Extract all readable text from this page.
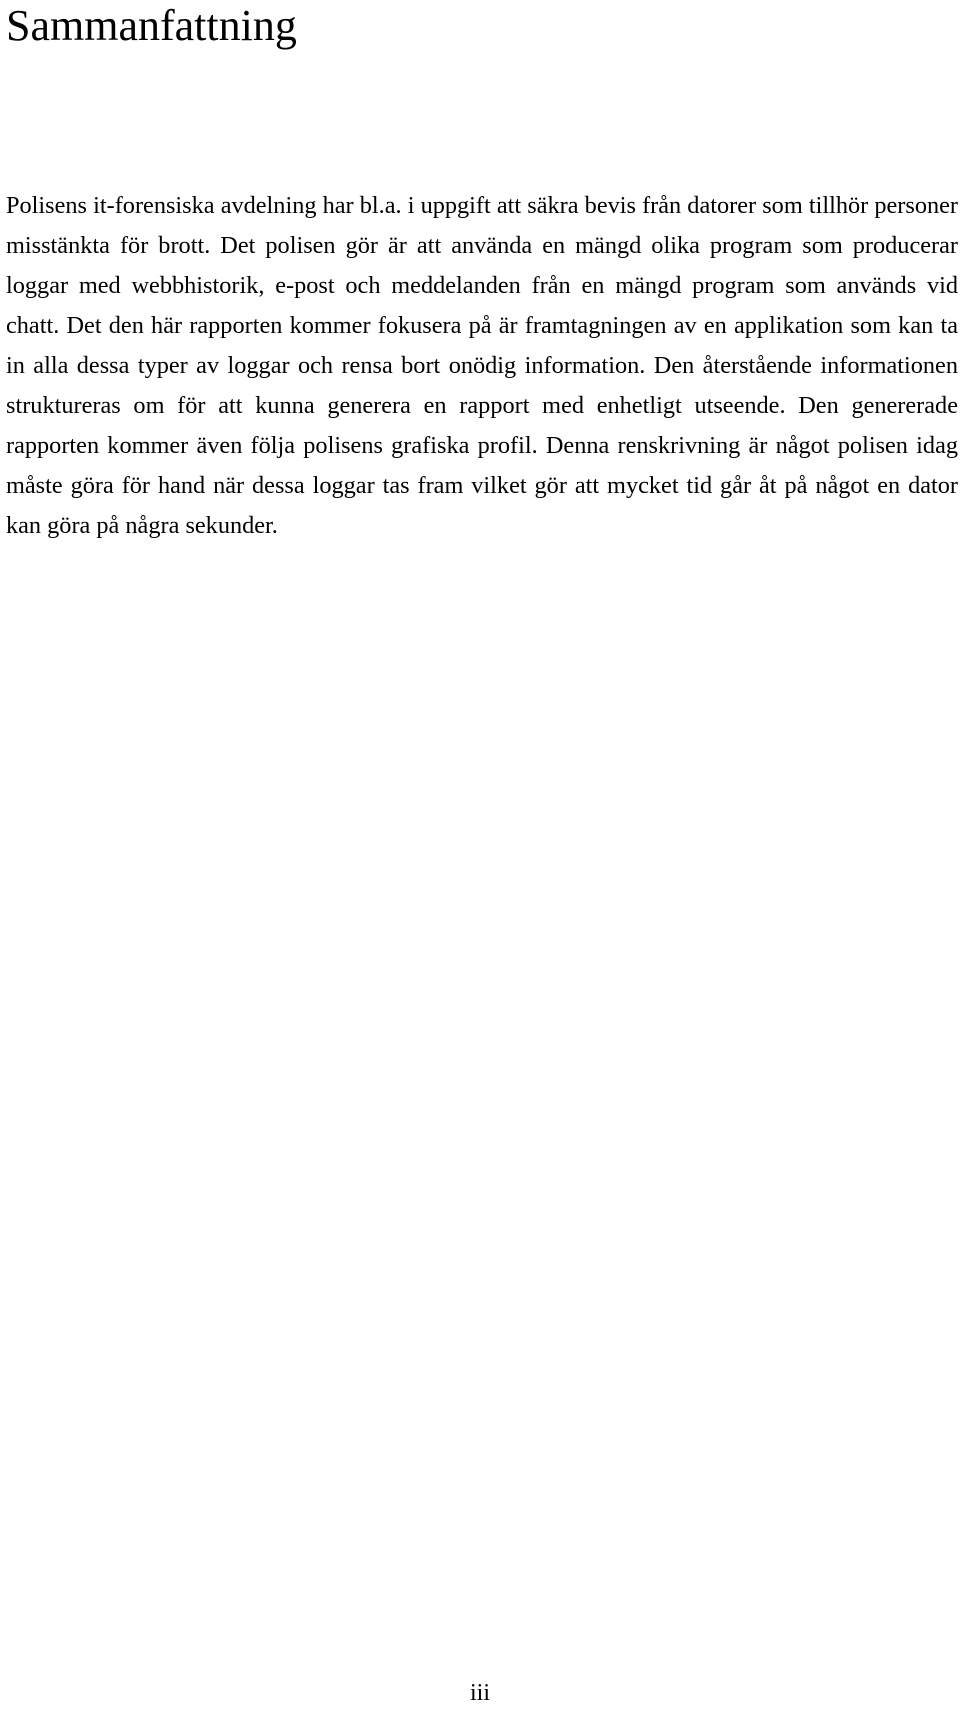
Sammanfattning

Polisens it-forensiska avdelning har bl.a. i uppgift att säkra bevis från datorer som tillhör personer misstänkta för brott. Det polisen gör är att använda en mängd olika program som producerar loggar med webbhistorik, e-post och meddelanden från en mängd program som används vid chatt. Det den här rapporten kommer fokusera på är framtagningen av en applikation som kan ta in alla dessa typer av loggar och rensa bort onödig information. Den återstående informationen struktureras om för att kunna generera en rapport med enhetligt utseende. Den genererade rapporten kommer även följa polisens grafiska profil. Denna renskrivning är något polisen idag måste göra för hand när dessa loggar tas fram vilket gör att mycket tid går åt på något en dator kan göra på några sekunder.

iii
